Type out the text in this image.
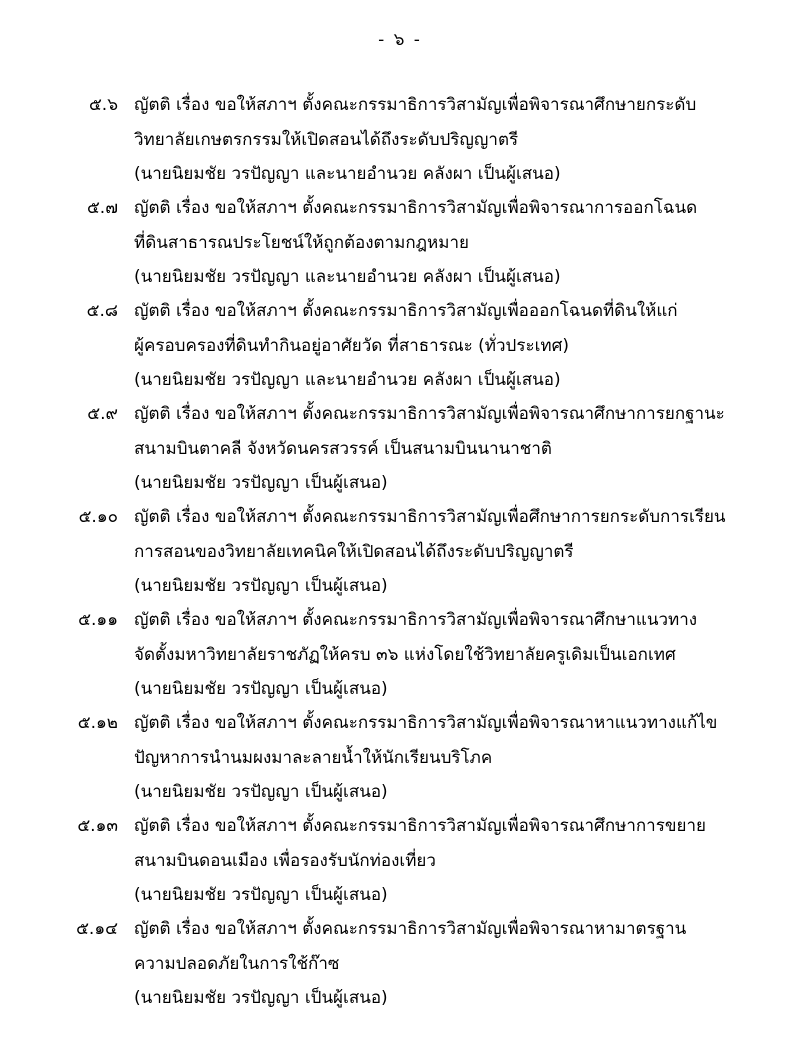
- ๖ -
๕.๖ ญัตติ เรื่อง ขอให้สภาฯ ตั้งคณะกรรมาธิการวิสามัญเพื่อพิจารณาศึกษายกระดับ
วิทยาลัยเกษตรกรรมให้เปิดสอนได้ถึงระดับปริญญาตรี
(นายนิยมชัย วรปัญญา และนายอำนวย คลังผา เป็นผู้เสนอ)
๕.๗ ญัตติ เรื่อง ขอให้สภาฯ ตั้งคณะกรรมาธิการวิสามัญเพื่อพิจารณาการออกโฉนด
ที่ดินสาธารณประโยชน์ให้ถูกต้องตามกฎหมาย
(นายนิยมชัย วรปัญญา และนายอำนวย คลังผา เป็นผู้เสนอ)
๕.๘ ญัตติ เรื่อง ขอให้สภาฯ ตั้งคณะกรรมาธิการวิสามัญเพื่อออกโฉนดที่ดินให้แก่
ผู้ครอบครองที่ดินทำกินอยู่อาศัยวัด ที่สาธารณะ (ทั่วประเทศ)
(นายนิยมชัย วรปัญญา และนายอำนวย คลังผา เป็นผู้เสนอ)
๕.๙ ญัตติ เรื่อง ขอให้สภาฯ ตั้งคณะกรรมาธิการวิสามัญเพื่อพิจารณาศึกษาการยกฐานะ
สนามบินตาคลี จังหวัดนครสวรรค์ เป็นสนามบินนานาชาติ
(นายนิยมชัย วรปัญญา เป็นผู้เสนอ)
๕.๑๐ ญัตติ เรื่อง ขอให้สภาฯ ตั้งคณะกรรมาธิการวิสามัญเพื่อศึกษาการยกระดับการเรียน
การสอนของวิทยาลัยเทคนิคให้เปิดสอนได้ถึงระดับปริญญาตรี
(นายนิยมชัย วรปัญญา เป็นผู้เสนอ)
๕.๑๑ ญัตติ เรื่อง ขอให้สภาฯ ตั้งคณะกรรมาธิการวิสามัญเพื่อพิจารณาศึกษาแนวทาง
จัดตั้งมหาวิทยาลัยราชภัฏให้ครบ ๓๖ แห่งโดยใช้วิทยาลัยครูเดิมเป็นเอกเทศ
(นายนิยมชัย วรปัญญา เป็นผู้เสนอ)
๕.๑๒ ญัตติ เรื่อง ขอให้สภาฯ ตั้งคณะกรรมาธิการวิสามัญเพื่อพิจารณาหาแนวทางแก้ไข
ปัญหาการนำนมผงมาละลายน้ำให้นักเรียนบริโภค
(นายนิยมชัย วรปัญญา เป็นผู้เสนอ)
๕.๑๓ ญัตติ เรื่อง ขอให้สภาฯ ตั้งคณะกรรมาธิการวิสามัญเพื่อพิจารณาศึกษาการขยาย
สนามบินดอนเมือง เพื่อรองรับนักท่องเที่ยว
(นายนิยมชัย วรปัญญา เป็นผู้เสนอ)
๕.๑๔ ญัตติ เรื่อง ขอให้สภาฯ ตั้งคณะกรรมาธิการวิสามัญเพื่อพิจารณาหามาตรฐาน
ความปลอดภัยในการใช้ก๊าซ
(นายนิยมชัย วรปัญญา เป็นผู้เสนอ)
